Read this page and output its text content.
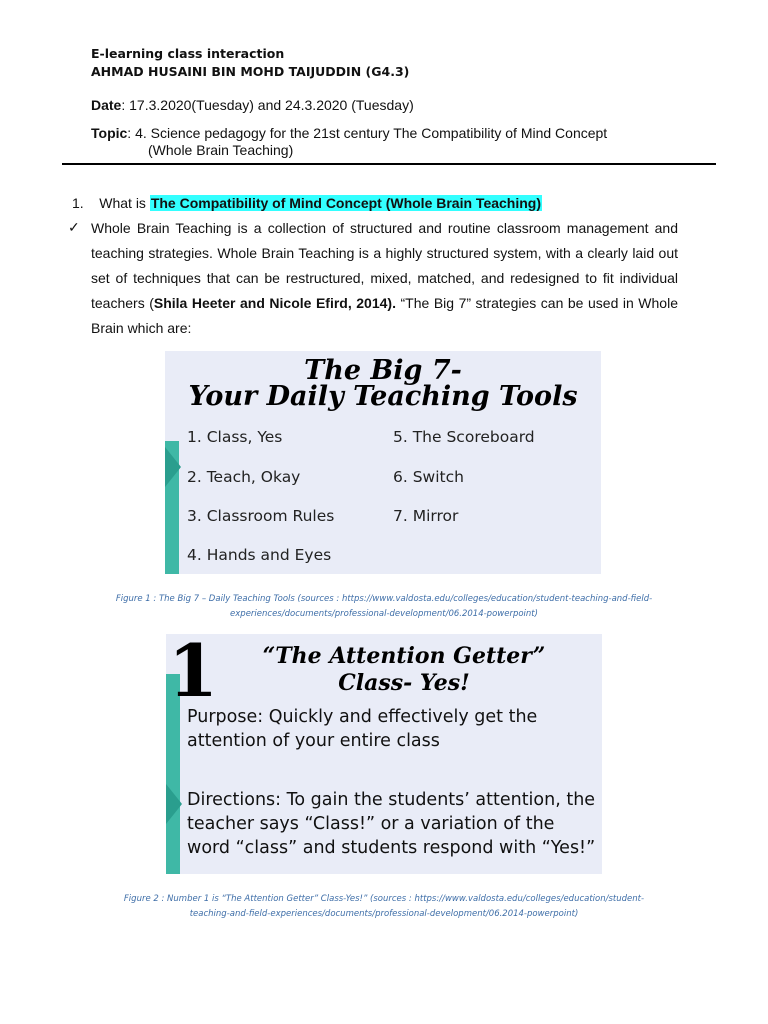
E-learning class interaction
AHMAD HUSAINI BIN MOHD TAIJUDDIN (G4.3)
Date: 17.3.2020(Tuesday) and 24.3.2020 (Tuesday)
Topic: 4. Science pedagogy for the 21st century The Compatibility of Mind Concept
(Whole Brain Teaching)
1. What is The Compatibility of Mind Concept (Whole Brain Teaching)
✓ Whole Brain Teaching is a collection of structured and routine classroom management and teaching strategies. Whole Brain Teaching is a highly structured system, with a clearly laid out set of techniques that can be restructured, mixed, matched, and redesigned to fit individual teachers (Shila Heeter and Nicole Efird, 2014). “The Big 7” strategies can be used in Whole Brain which are:
The Big 7-
Your Daily Teaching Tools
1. Class, Yes
2. Teach, Okay
3. Classroom Rules
4. Hands and Eyes
5. The Scoreboard
6. Switch
7. Mirror
Figure 1 : The Big 7 – Daily Teaching Tools (sources : https://www.valdosta.edu/colleges/education/student-teaching-and-field-
experiences/documents/professional-development/06.2014-powerpoint)
1	“The Attention Getter”
Class- Yes!
Purpose: Quickly and effectively get the attention of your entire class
Directions: To gain the students’ attention, the teacher says “Class!” or a variation of the word “class” and students respond with “Yes!”
Figure 2 : Number 1 is “The Attention Getter” Class-Yes!” (sources : https://www.valdosta.edu/colleges/education/student-
teaching-and-field-experiences/documents/professional-development/06.2014-powerpoint)
